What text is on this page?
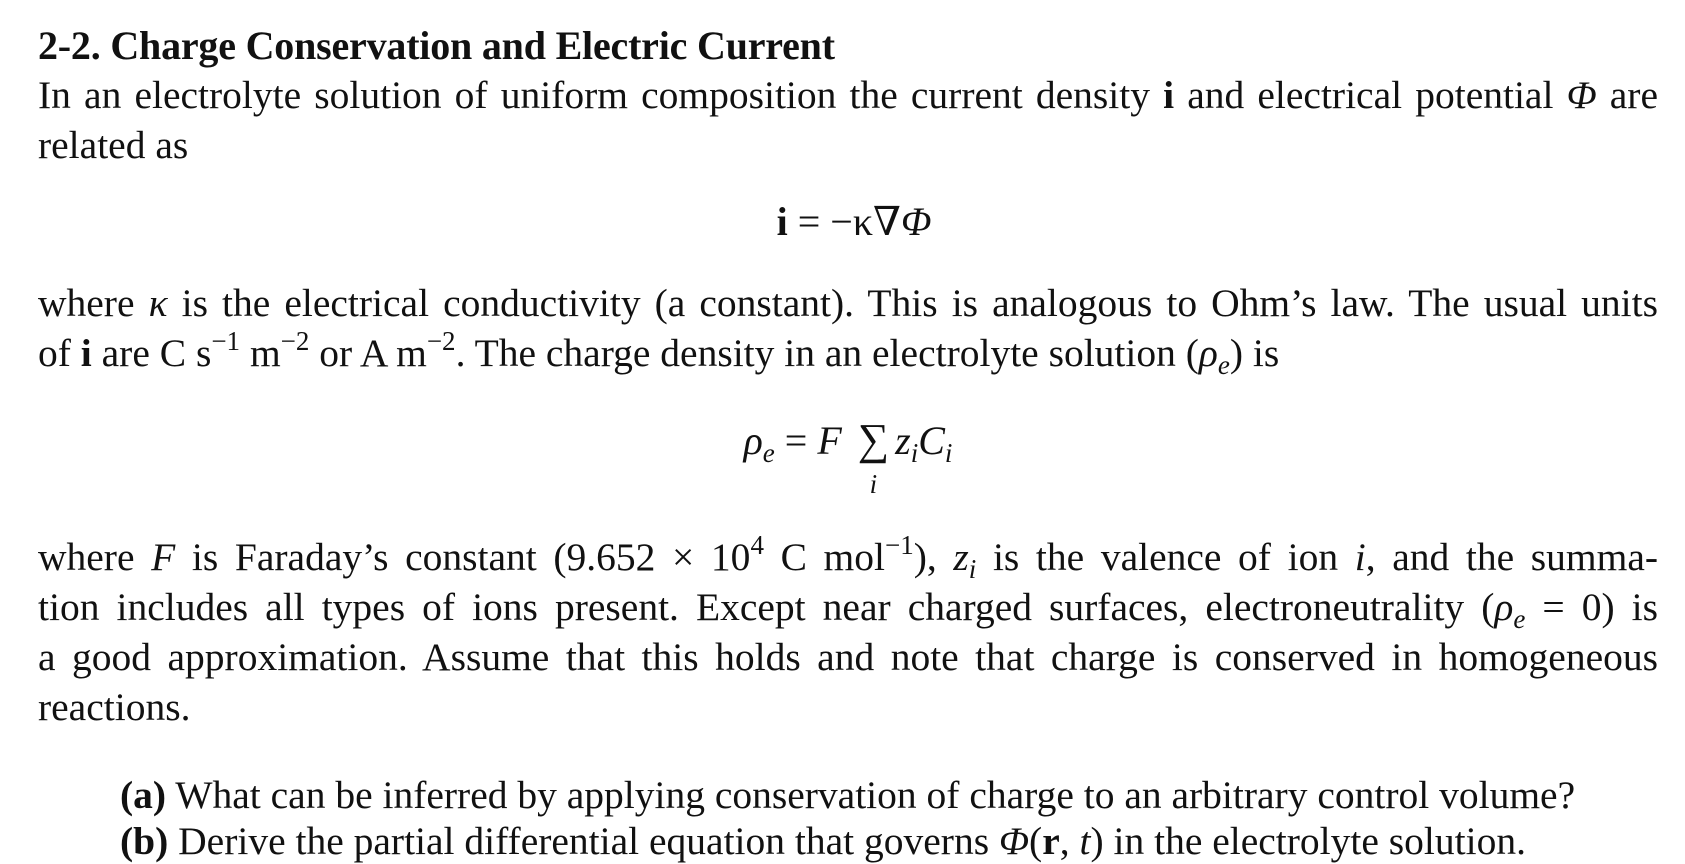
2-2. Charge Conservation and Electric Current

In an electrolyte solution of uniform composition the current density i and electrical potential Φ are
related as

i = −κ∇Φ

where κ is the electrical conductivity (a constant). This is analogous to Ohm’s law. The usual units
of i are C $s^{-1}$ $m^{-2}$ or A $m^{-2}$. The charge density in an electrolyte solution $(\rho_e)$ is

$\rho_e = F$ ∑
i
$z_iC_i$

where F is Faraday’s constant ($9.652 \times 10^4$ C mol$^{-1}$), $z_i$ is the valence of ion i, and the summa-
tion includes all types of ions present. Except near charged surfaces, electroneutrality $(\rho_e = 0)$ is
a good approximation. Assume that this holds and note that charge is conserved in homogeneous
reactions.

(a) What can be inferred by applying conservation of charge to an arbitrary control volume?
(b) Derive the partial differential equation that governs Φ(r, t) in the electrolyte solution.
